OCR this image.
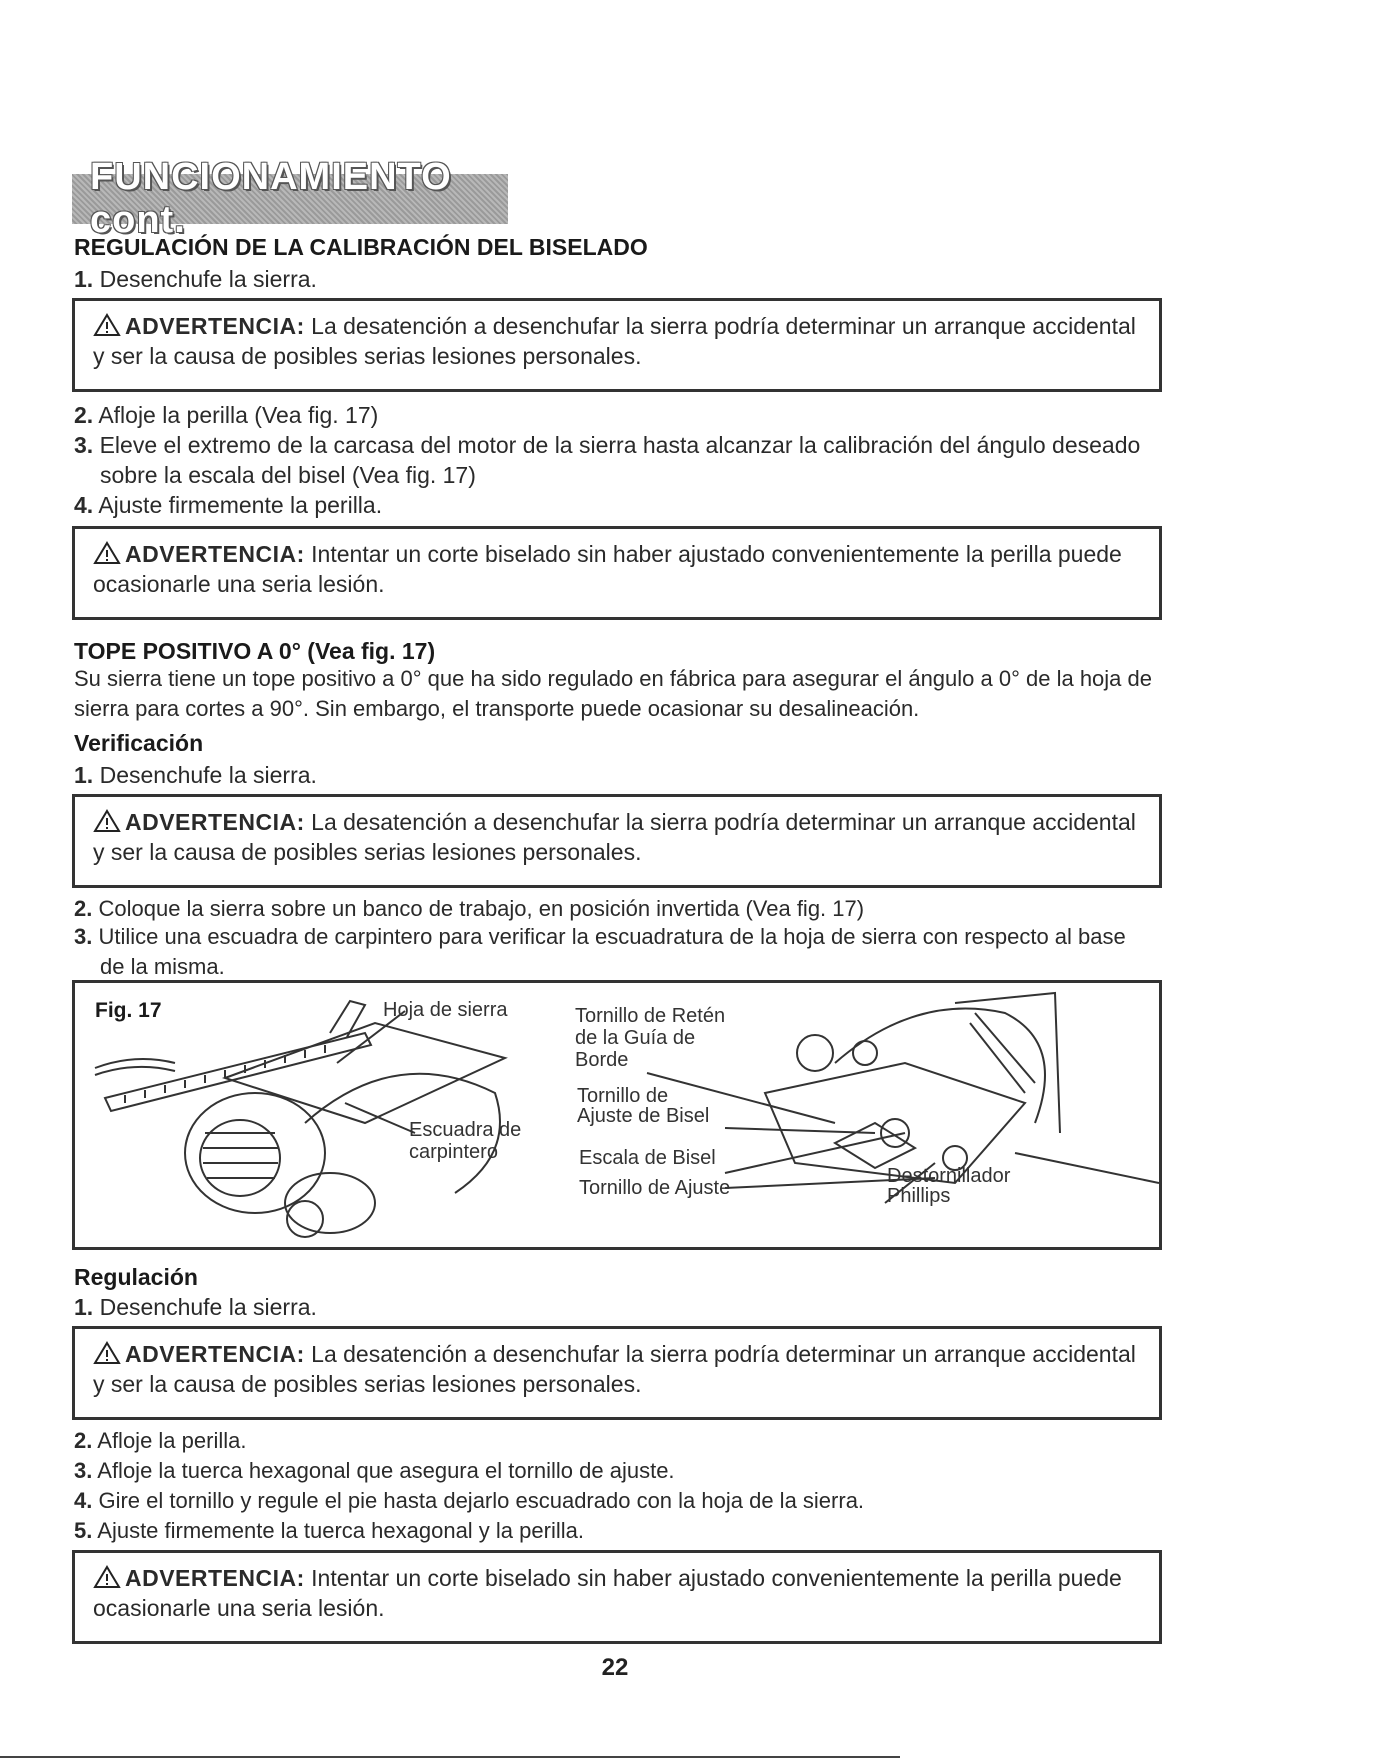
FUNCIONAMIENTO cont.
REGULACIÓN DE LA CALIBRACIÓN DEL BISELADO
1. Desenchufe la sierra.
ADVERTENCIA: La desatención a desenchufar la sierra podría determinar un arranque accidental y ser la causa de posibles serias lesiones personales.
2. Afloje la perilla (Vea fig. 17)
3. Eleve el extremo de la carcasa del motor de la sierra hasta alcanzar la calibración del ángulo deseado sobre la escala del bisel (Vea fig. 17)
4. Ajuste firmemente la perilla.
ADVERTENCIA: Intentar un corte biselado sin haber ajustado convenientemente la perilla puede ocasionarle una seria lesión.
TOPE POSITIVO A 0° (Vea fig. 17)
Su sierra tiene un tope positivo a 0° que ha sido regulado en fábrica para asegurar el ángulo a 0° de la hoja de sierra para cortes a 90°. Sin embargo, el transporte puede ocasionar su desalineación.
Verificación
1. Desenchufe la sierra.
ADVERTENCIA: La desatención a desenchufar la sierra podría determinar un arranque accidental y ser la causa de posibles serias lesiones personales.
2. Coloque la sierra sobre un banco de trabajo, en posición invertida (Vea fig. 17)
3. Utilice una escuadra de carpintero para verificar la escuadratura de la hoja de sierra con respecto al base de la misma.
Fig. 17	Hoja de sierra
Escuadra de
carpintero
Tornillo de Retén
de la Guía de
Borde
Tornillo de
Ajuste de Bisel
Escala de Bisel
Tornillo de Ajuste
Destornillador
Phillips
Regulación
1. Desenchufe la sierra.
ADVERTENCIA: La desatención a desenchufar la sierra podría determinar un arranque accidental y ser la causa de posibles serias lesiones personales.
2. Afloje la perilla.
3. Afloje la tuerca hexagonal que asegura el tornillo de ajuste.
4. Gire el tornillo y regule el pie hasta dejarlo escuadrado con la hoja de la sierra.
5. Ajuste firmemente la tuerca hexagonal y la perilla.
ADVERTENCIA: Intentar un corte biselado sin haber ajustado convenientemente la perilla puede ocasionarle una seria lesión.
22
